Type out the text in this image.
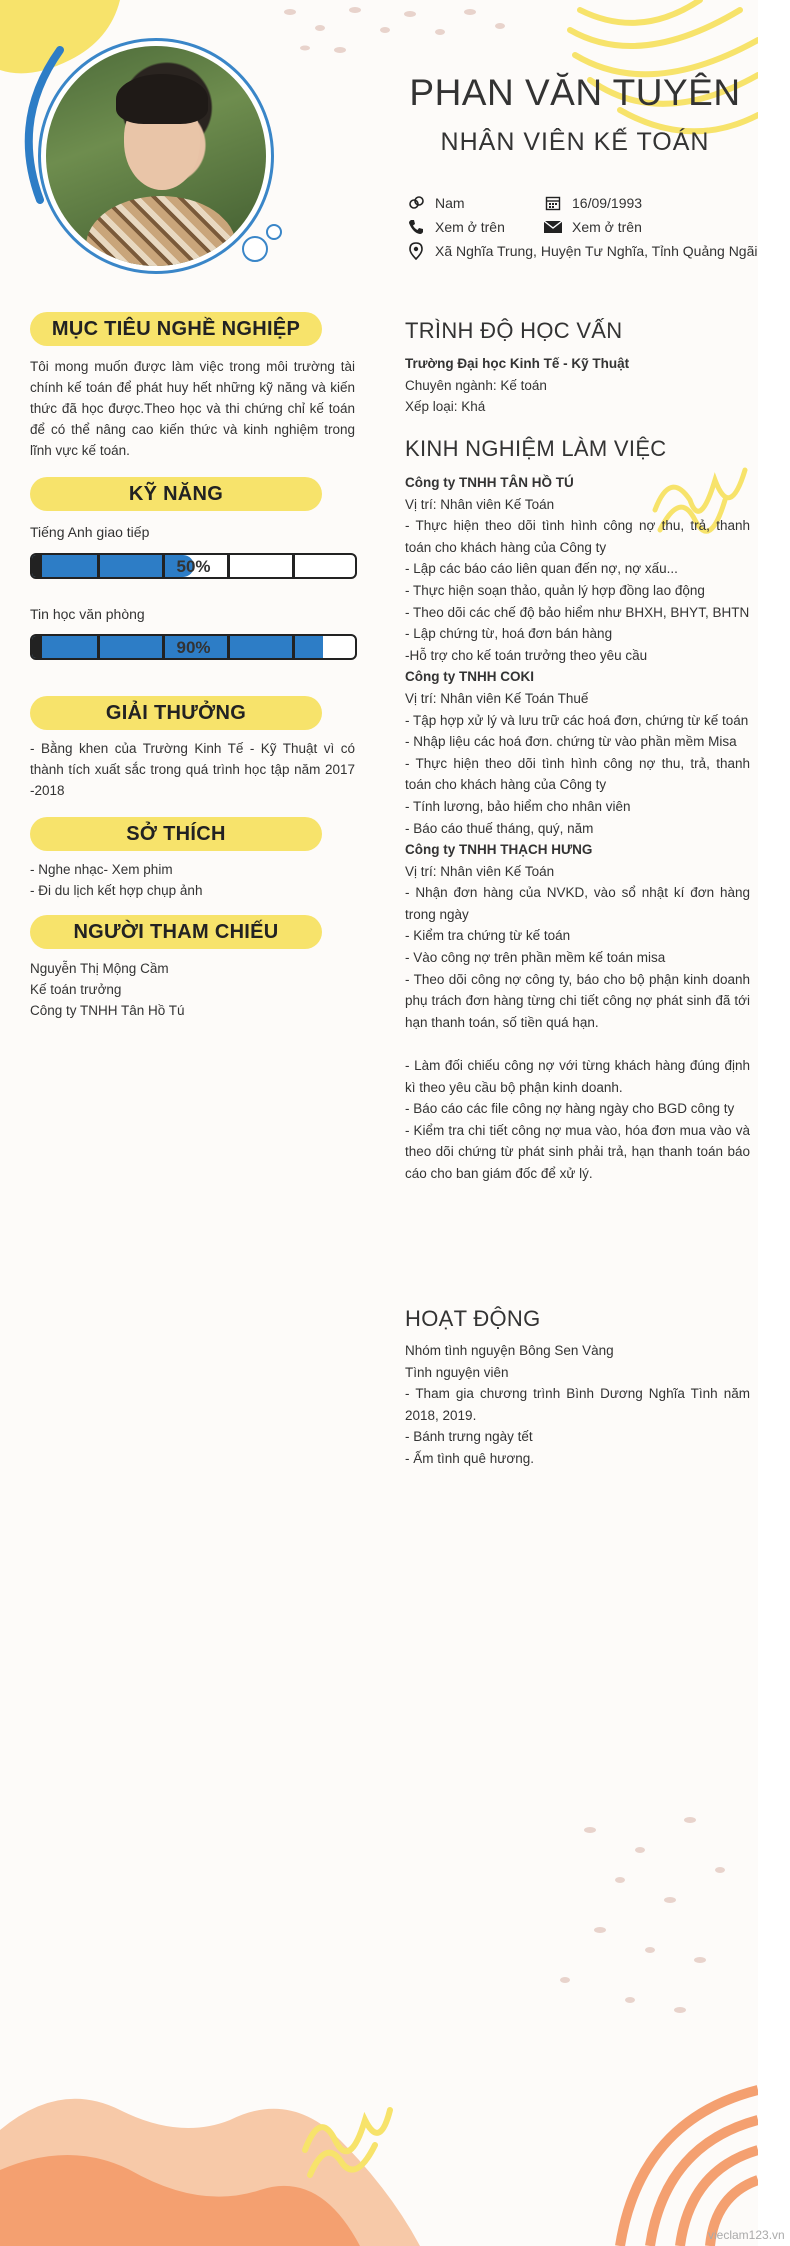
PHAN VĂN TUYÊN
NHÂN VIÊN KẾ TOÁN
Nam	16/09/1993
Xem ở trên	Xem ở trên
Xã Nghĩa Trung, Huyện Tư Nghĩa, Tỉnh Quảng Ngãi
MỤC TIÊU NGHỀ NGHIỆP
Tôi mong muốn được làm việc trong môi trường tài chính kế toán để phát huy hết những kỹ năng và kiến thức đã học được.Theo học và thi chứng chỉ kế toán để có thể nâng cao kiến thức và kinh nghiệm trong lĩnh vực kế toán.
KỸ NĂNG
Tiếng Anh giao tiếp
50%
Tin học văn phòng
90%
GIẢI THƯỞNG
- Bằng khen của Trường Kinh Tế - Kỹ Thuật vì có thành tích xuất sắc trong quá trình học tập năm 2017 -2018
SỞ THÍCH
- Nghe nhạc- Xem phim
- Đi du lịch kết hợp chụp ảnh
NGƯỜI THAM CHIẾU
Nguyễn Thị Mộng Cầm
Kế toán trưởng
Công ty TNHH Tân Hồ Tú
TRÌNH ĐỘ HỌC VẤN
Trường Đại học Kinh Tế - Kỹ Thuật
Chuyên ngành: Kế toán
Xếp loại: Khá
KINH NGHIỆM LÀM VIỆC
Công ty TNHH TÂN HỒ TÚ
Vị trí: Nhân viên Kế Toán
- Thực hiện theo dõi tình hình công nợ thu, trả, thanh toán cho khách hàng của Công ty
- Lập các báo cáo liên quan đến nợ, nợ xấu...
- Thực hiện soạn thảo, quản lý hợp đồng lao động
- Theo dõi các chế độ bảo hiểm như BHXH, BHYT, BHTN
- Lập chứng từ, hoá đơn bán hàng
-Hỗ trợ cho kế toán trưởng theo yêu cầu
Công ty TNHH COKI
Vị trí: Nhân viên Kế Toán Thuế
- Tập hợp xử lý và lưu trữ các hoá đơn, chứng từ kế toán
- Nhập liệu các hoá đơn. chứng từ vào phần mềm Misa
- Thực hiện theo dõi tình hình công nợ thu, trả, thanh toán cho khách hàng của Công ty
- Tính lương, bảo hiểm cho nhân viên
- Báo cáo thuế tháng, quý, năm
Công ty TNHH THẠCH HƯNG
Vị trí: Nhân viên Kế Toán
- Nhận đơn hàng của NVKD, vào sổ nhật kí đơn hàng trong ngày
- Kiểm tra chứng từ kế toán
- Vào công nợ trên phần mềm kế toán misa
- Theo dõi công nợ công ty, báo cho bộ phận kinh doanh phụ trách đơn hàng từng chi tiết công nợ phát sinh đã tới hạn thanh toán, số tiền quá hạn.
- Làm đối chiếu công nợ với từng khách hàng đúng định kì theo yêu cầu bộ phận kinh doanh.
- Báo cáo các file công nợ hàng ngày cho BGD công ty
- Kiểm tra chi tiết công nợ mua vào, hóa đơn mua vào và theo dõi chứng từ phát sinh phải trả, hạn thanh toán báo cáo cho ban giám đốc để xử lý.
HOẠT ĐỘNG
Nhóm tình nguyện Bông Sen Vàng
Tình nguyện viên
- Tham gia chương trình Bình Dương Nghĩa Tình năm 2018, 2019.
- Bánh trưng ngày tết
- Ấm tình quê hương.
vieclam123.vn
